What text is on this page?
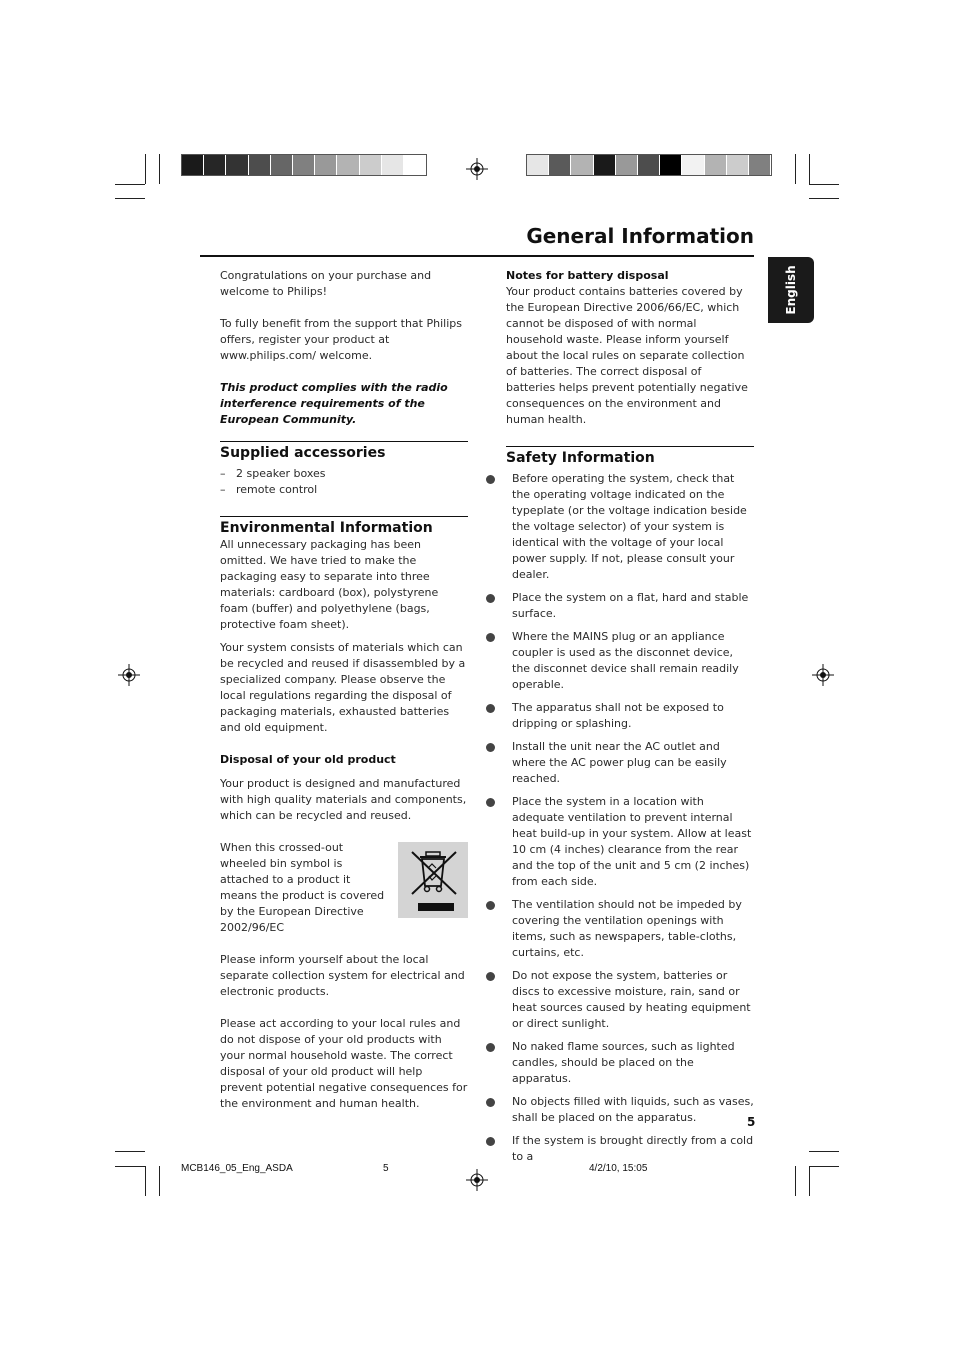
General Information
English

Congratulations on your purchase and welcome to Philips!

To fully benefit from the support that Philips offers, register your product at www.philips.com/ welcome.

This product complies with the radio interference requirements of the European Community.

Supplied accessories
– 2 speaker boxes
– remote control
Environmental Information

All unnecessary packaging has been omitted. We have tried to make the packaging easy to separate into three materials: cardboard (box), polystyrene foam (buffer) and polyethylene (bags, protective foam sheet).

Your system consists of materials which can be recycled and reused if disassembled by a specialized company. Please observe the local regulations regarding the disposal of packaging materials, exhausted batteries and old equipment.

Disposal of your old product

Your product is designed and manufactured with high quality materials and components, which can be recycled and reused.

When this crossed-out wheeled bin symbol is attached to a product it means the product is covered by the European Directive 2002/96/EC

Please inform yourself about the local separate collection system for electrical and electronic products.

Please act according to your local rules and do not dispose of your old products with your normal household waste. The correct disposal of your old product will help prevent potential negative consequences for the environment and human health.

Notes for battery disposal

Your product contains batteries covered by the European Directive 2006/66/EC, which cannot be disposed of with normal household waste. Please inform yourself about the local rules on separate collection of batteries. The correct disposal of batteries helps prevent potentially negative consequences on the environment and human health.

Safety Information
Before operating the system, check that the operating voltage indicated on the typeplate (or the voltage indication beside the voltage selector) of your system is identical with the voltage of your local power supply. If not, please consult your dealer.
Place the system on a flat, hard and stable surface.
Where the MAINS plug or an appliance coupler is used as the disconnet device, the disconnet device shall remain readily operable.
The apparatus shall not be exposed to dripping or splashing.
Install the unit near the AC outlet and where the AC power plug can be easily reached.
Place the system in a location with adequate ventilation to prevent internal heat build-up in your system. Allow at least 10 cm (4 inches) clearance from the rear and the top of the unit and 5 cm (2 inches) from each side.
The ventilation should not be impeded by covering the ventilation openings with items, such as newspapers, table-cloths, curtains, etc.
Do not expose the system, batteries or discs to excessive moisture, rain, sand or heat sources caused by heating equipment or direct sunlight.
No naked flame sources, such as lighted candles, should be placed on the apparatus.
No objects filled with liquids, such as vases, shall be placed on the apparatus.
If the system is brought directly from a cold to a
5
MCB146_05_Eng_ASDA	5	4/2/10, 15:05
